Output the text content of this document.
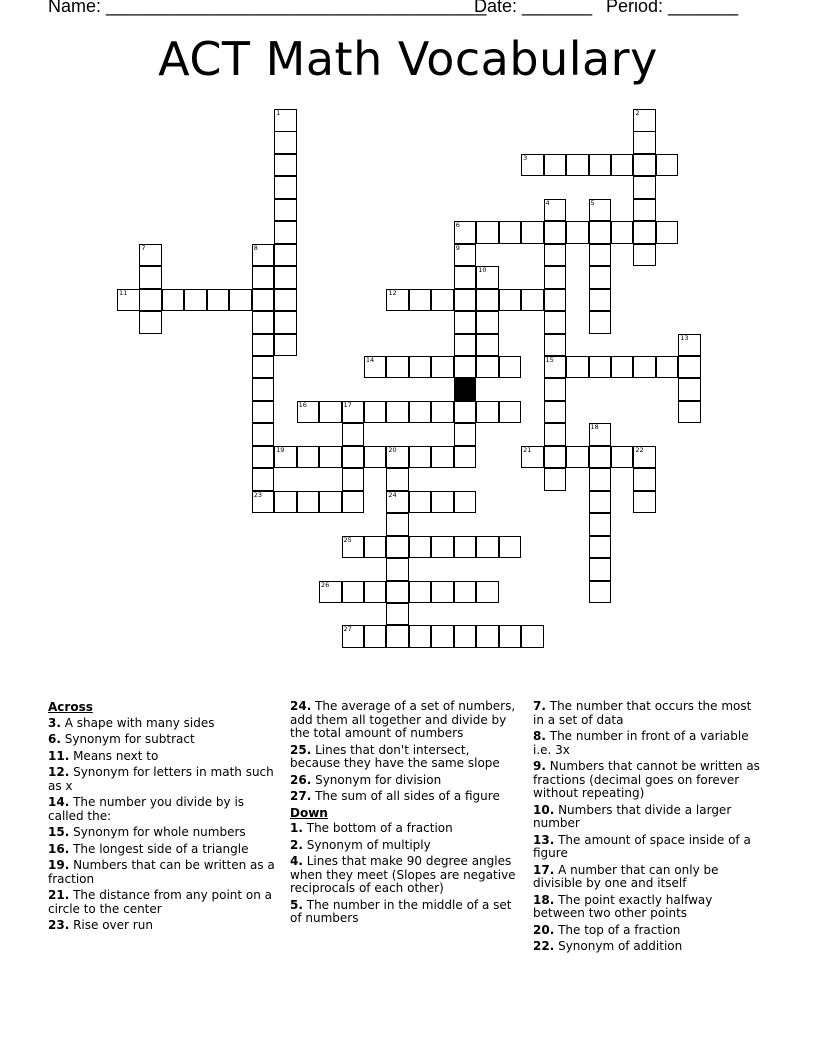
Name: ______________________________________

Date: _______

Period: _______

ACT Math Vocabulary
1	2
3
4
15
5
6
7	8	9
10
11	12
13
14
16	17
18
19	20
24
21	22
23
25
26
27
Across
3. A shape with many sides
6. Synonym for subtract
11. Means next to
12. Synonym for letters in math such as x
14. The number you divide by is called the:
15. Synonym for whole numbers
16. The longest side of a triangle
19. Numbers that can be written as a fraction
21. The distance from any point on a circle to the center
23. Rise over run
24. The average of a set of numbers, add them all together and divide by the total amount of numbers
25. Lines that don't intersect, because they have the same slope
26. Synonym for division
27. The sum of all sides of a figure
Down
1. The bottom of a fraction
2. Synonym of multiply
4. Lines that make 90 degree angles when they meet (Slopes are negative reciprocals of each other)
5. The number in the middle of a set of numbers
7. The number that occurs the most in a set of data
8. The number in front of a variable i.e. 3x
9. Numbers that cannot be written as fractions (decimal goes on forever without repeating)
10. Numbers that divide a larger number
13. The amount of space inside of a figure
17. A number that can only be divisible by one and itself
18. The point exactly halfway between two other points
20. The top of a fraction
22. Synonym of addition
